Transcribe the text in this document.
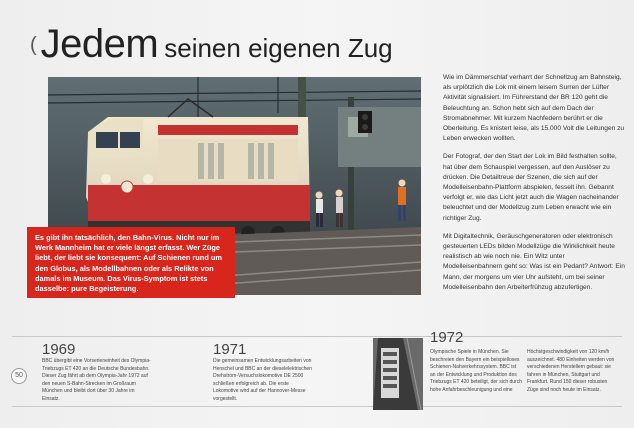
( Jedem seinen eigenen Zug
Es gibt ihn tatsächlich, den Bahn-Virus. Nicht nur im Werk Mannheim hat er viele längst erfasst. Wer Züge liebt, der liebt sie konsequent: Auf Schienen rund um den Globus, als Modellbahnen oder als Relikte von damals im Museum. Das Virus-Symptom ist stets dasselbe: pure Begeisterung.

Wie im Dämmerschlaf verharrt der Schnellzug am Bahnsteig, als urplötzlich die Lok mit einem leisem Surren der Lüfter Aktivität signalisiert. Im Führerstand der BR 120 geht die Beleuchtung an. Schon hebt sich auf dem Dach der Stromabnehmer. Mit kurzem Nachfedern berührt er die Oberleitung. Es knistert leise, als 15.000 Volt die Leitungen zu Leben erwecken wollten.

Der Fotograf, der den Start der Lok im Bild festhalten sollte, hat über dem Schauspiel vergessen, auf den Auslöser zu drücken. Die Detailtreue der Szenen, die sich auf der Modelleisenbahn-Plattform abspielen, fesselt ihn. Gebannt verfolgt er, wie das Licht jetzt auch die Wagen nacheinander beleuchtet und der Modellzug zum Leben erwacht wie ein richtiger Zug.

Mit Digitaltechnik, Geräuschgeneratoren oder elektronisch gesteuerten LEDs bilden Modellzüge die Wirklichkeit heute realistisch ab wie noch nie. Ein Witz unter Modelleisenbahnern geht so: Was ist ein Pedant? Antwort: Ein Mann, der morgens um vier Uhr aufsteht, um bei seiner Modelleisenbahn den Arbeiterfrühzug abzufertigen.

50
1969
BBC übergibt eine Vorserieneinheit des Olympia-Triebzugs ET 420 an die Deutsche Bundesbahn. Dieser Zug fährt ab dem Olympia-Jahr 1972 auf den neuen S-Bahn-Strecken im Großraum München und bleibt dort über 30 Jahre im Einsatz.
1971
Die gemeinsamen Entwicklungsarbeiten von Henschel und BBC an der dieselelektrischen Drehstrom-Versuchslokomotive DE 2500 schließen erfolgreich ab. Die erste Lokomotive wird auf der Hannover-Messe vorgestellt.
1972
Olympische Spiele in München. Sie beschreien den Bayern ein beispielloses Schienen-Nahverkehrssystem. BBC ist an der Entwicklung und Produktion des Triebzugs ET 420 beteiligt, der sich durch hohe Anfahrbeschleunigung und eine
Höchstgeschwindigkeit von 120 km/h auszeichnet. 480 Einheiten werden von verschiedenen Herstellern gebaut: sie fahren in München, Stuttgart und Frankfurt. Rund 150 dieser robusten Züge sind noch heute im Einsatz.
